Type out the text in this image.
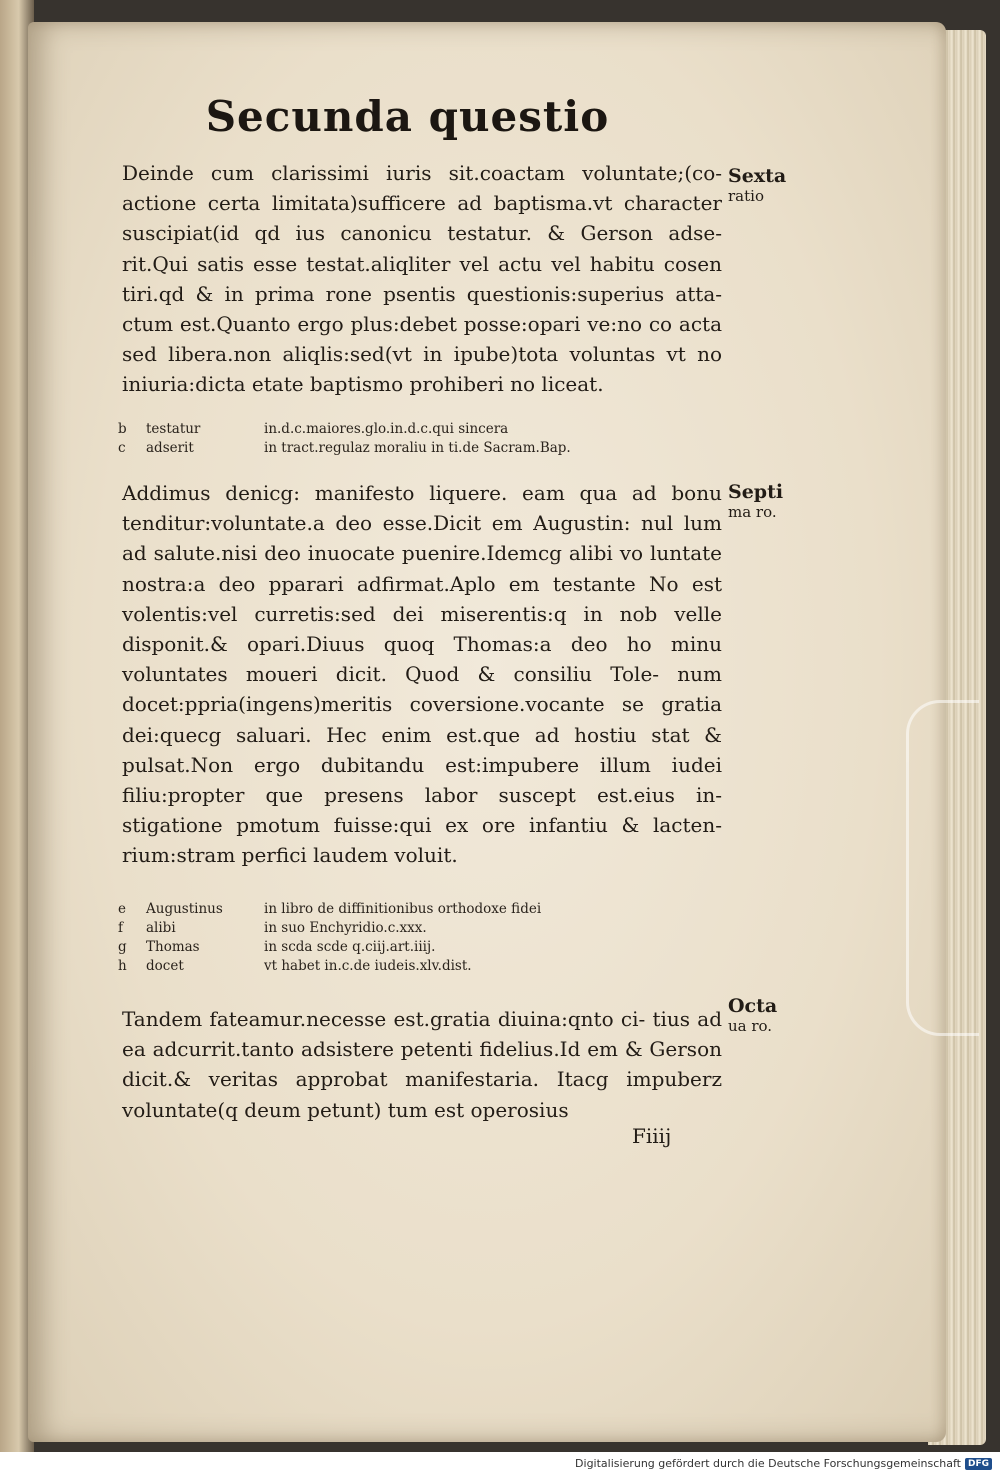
Secunda questio

Deinde cum clarissimi iuris sit.coactam voluntate;(co- actione certa limitata)sufficere ad baptisma.vt character suscipiat(id qd ius canonicu testatur. & Gerson adse- rit.Qui satis esse testat.aliqliter vel actu vel habitu cosen tiri.qd & in prima rone psentis questionis:superius atta- ctum est.Quanto ergo plus:debet posse:opari ve:no co acta sed libera.non aliqlis:sed(vt in ipube)tota voluntas vt no iniuria:dicta etate baptismo prohiberi no liceat.

b	testatur	in.d.c.maiores.glo.in.d.c.qui sincera
c	adserit	in tract.regulaz moraliu in ti.de Sacram.Bap.

Addimus denicg: manifesto liquere. eam qua ad bonu tenditur:voluntate.a deo esse.Dicit em Augustin: nul lum ad salute.nisi deo inuocate puenire.Idemcg alibi vo luntate nostra:a deo pparari adfirmat.Aplo em testante No est volentis:vel curretis:sed dei miserentis:q in nob velle disponit.& opari.Diuus quoq Thomas:a deo ho minu voluntates moueri dicit. Quod & consiliu Tole- num docet:ppria(ingens)meritis coversione.vocante se gratia dei:quecg saluari. Hec enim est.que ad hostiu stat & pulsat.Non ergo dubitandu est:impubere illum iudei filiu:propter que presens labor suscept est.eius in- stigatione pmotum fuisse:qui ex ore infantiu & lacten- rium:stram perfici laudem voluit.

e	Augustinus	in libro de diffinitionibus orthodoxe fidei
f	alibi	in suo Enchyridio.c.xxx.
g	Thomas	in scda scde q.ciij.art.iiij.
h	docet	vt habet in.c.de iudeis.xlv.dist.

Tandem fateamur.necesse est.gratia diuina:qnto ci- tius ad ea adcurrit.tanto adsistere petenti fidelius.Id em & Gerson dicit.& veritas approbat manifestaria. Itacg impuberz voluntate(q deum petunt) tum est operosius

Sexta
ratio
Septi
ma ro.
Octa
ua ro.
Fiiij
Digitalisierung gefördert durch die Deutsche Forschungsgemeinschaft DFG
